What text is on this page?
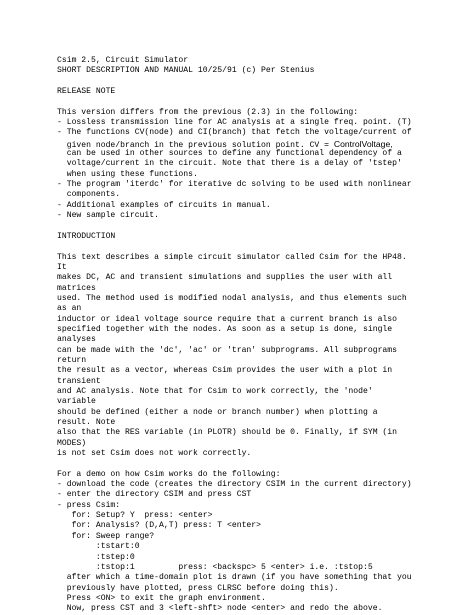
Csim 2.5, Circuit Simulator
SHORT DESCRIPTION AND MANUAL 10/25/91 (c) Per Stenius
RELEASE NOTE
This version differs from the previous (2.3) in the following:
- Lossless transmission line for AC analysis at a single freq. point. (T)
- The functions CV(node) and CI(branch) that fetch the voltage/current of
given node/branch in the previous solution point. CV = ControlVoltage,
can be used in other sources to define any functional dependency of a
voltage/current in the circuit. Note that there is a delay of 'tstep'
when using these functions.
- The program 'iterdc' for iterative dc solving to be used with nonlinear
components.
- Additional examples of circuits in manual.
- New sample circuit.
INTRODUCTION
This text describes a simple circuit simulator called Csim for the HP48.
It
makes DC, AC and transient simulations and supplies the user with all
matrices
used. The method used is modified nodal analysis, and thus elements such
as an
inductor or ideal voltage source require that a current branch is also
specified together with the nodes. As soon as a setup is done, single
analyses
can be made with the 'dc', 'ac' or 'tran' subprograms. All subprograms
return
the result as a vector, whereas Csim provides the user with a plot in
transient
and AC analysis. Note that for Csim to work correctly, the 'node'
variable
should be defined (either a node or branch number) when plotting a
result. Note
also that the RES variable (in PLOTR) should be 0. Finally, if SYM (in
MODES)
is not set Csim does not work correctly.
For a demo on how Csim works do the following:
- download the code (creates the directory CSIM in the current directory)
- enter the directory CSIM and press CST
- press Csim:
for: Setup? Y  press: <enter>
for: Analysis? (D,A,T) press: T <enter>
for: Sweep range?
:tstart:0
:tstep:0
:tstop:1         press: <backspc> 5 <enter> i.e. :tstop:5
after which a time-domain plot is drawn (if you have something that you
previously have plotted, press CLRSC before doing this).
Press <ON> to exit the graph environment.
Now, press CST and 3 <left-shft> node <enter> and redo the above.
